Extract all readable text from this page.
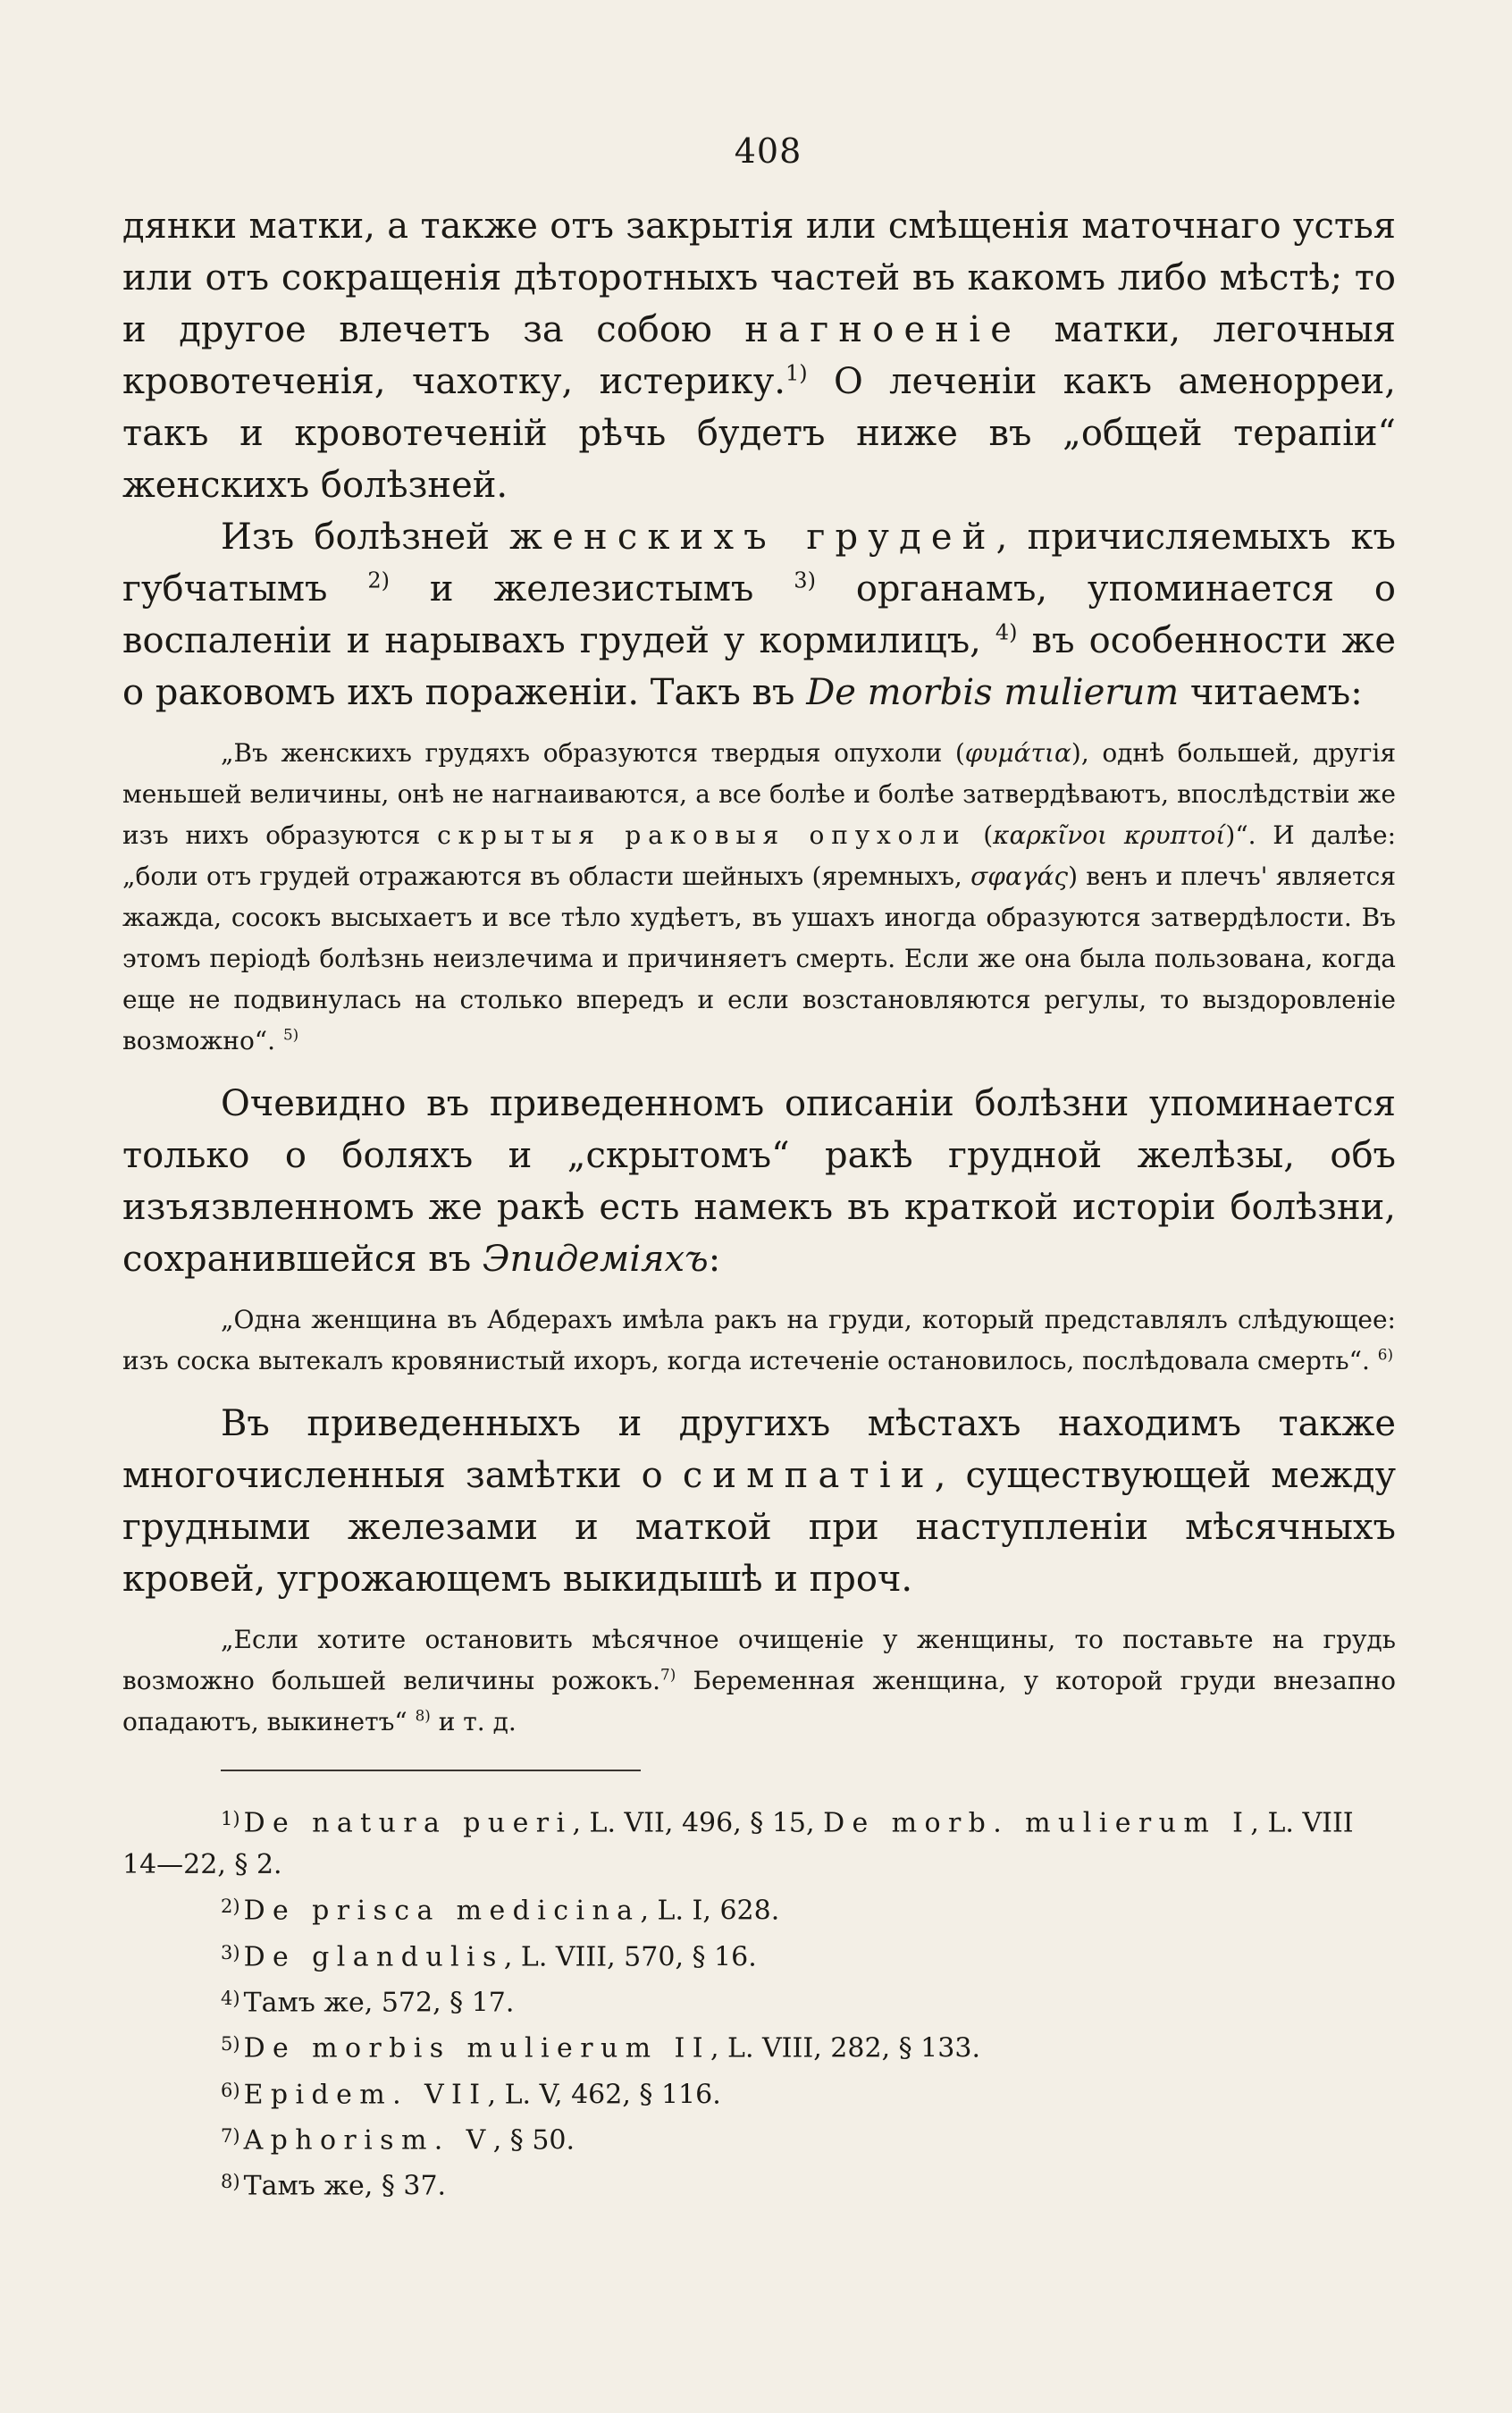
408

дянки матки, а также отъ закрытія или смѣщенія маточнаго устья или отъ сокращенія дѣторотныхъ частей въ какомъ либо мѣстѣ; то и другое влечетъ за собою нагноеніе матки, легочныя кровотеченія, чахотку, истерику.$^{1)}$ О леченіи какъ аменорреи, такъ и кровотеченій рѣчь будетъ ниже въ „общей терапіи“ женскихъ болѣзней.

Изъ болѣзней женскихъ грудей, причисляемыхъ къ губчатымъ $^{2)}$ и железистымъ $^{3)}$ органамъ, упоминается о воспаленіи и нарывахъ грудей у кормилицъ, $^{4)}$ въ особенности же о раковомъ ихъ пораженіи. Такъ въ De morbis mulierum читаемъ:

„Въ женскихъ грудяхъ образуются твердыя опухоли (φυμάτια), однѣ большей, другія меньшей величины, онѣ не нагнаиваются, а все болѣе и болѣе затвердѣваютъ, впослѣдствіи же изъ нихъ образуются скрытыя раковыя опухоли (καρκῖνοι κρυπτοί)“. И далѣе: „боли отъ грудей отражаются въ области шейныхъ (яремныхъ, σφαγάς) венъ и плечъ' является жажда, сосокъ высыхаетъ и все тѣло худѣетъ, въ ушахъ иногда образуются затвердѣлости. Въ этомъ періодѣ болѣзнь неизлечима и причиняетъ смерть. Если же она была пользована, когда еще не подвинулась на столько впередъ и если возстановляются регулы, то выздоровленіе возможно“. $^{5)}$

Очевидно въ приведенномъ описаніи болѣзни упоминается только о боляхъ и „скрытомъ“ ракѣ грудной желѣзы, объ изъязвленномъ же ракѣ есть намекъ въ краткой исторіи болѣзни, сохранившейся въ Эпидеміяхъ:

„Одна женщина въ Абдерахъ имѣла ракъ на груди, который представлялъ слѣдующее: изъ соска вытекалъ кровянистый ихоръ, когда истеченіе остановилось, послѣдовала смерть“. $^{6)}$

Въ приведенныхъ и другихъ мѣстахъ находимъ также многочисленныя замѣтки о симпатіи, существующей между грудными железами и маткой при наступленіи мѣсячныхъ кровей, угрожающемъ выкидышѣ и проч.

„Если хотите остановить мѣсячное очищеніе у женщины, то поставьте на грудь возможно большей величины рожокъ.$^{7)}$ Беременная женщина, у которой груди внезапно опадаютъ, выкинетъ“ $^{8)}$ и т. д.

$^{1)}$ De natura pueri, L. VII, 496, § 15, De morb. mulierum I, L. VIII
14—22, § 2.
$^{2)}$ De prisca medicina, L. I, 628.
$^{3)}$ De glandulis, L. VIII, 570, § 16.
$^{4)}$ Тамъ же, 572, § 17.
$^{5)}$ De morbis mulierum II, L. VIII, 282, § 133.
$^{6)}$ Epidem. VII, L. V, 462, § 116.
$^{7)}$ Aphorism. V, § 50.
$^{8)}$ Тамъ же, § 37.
